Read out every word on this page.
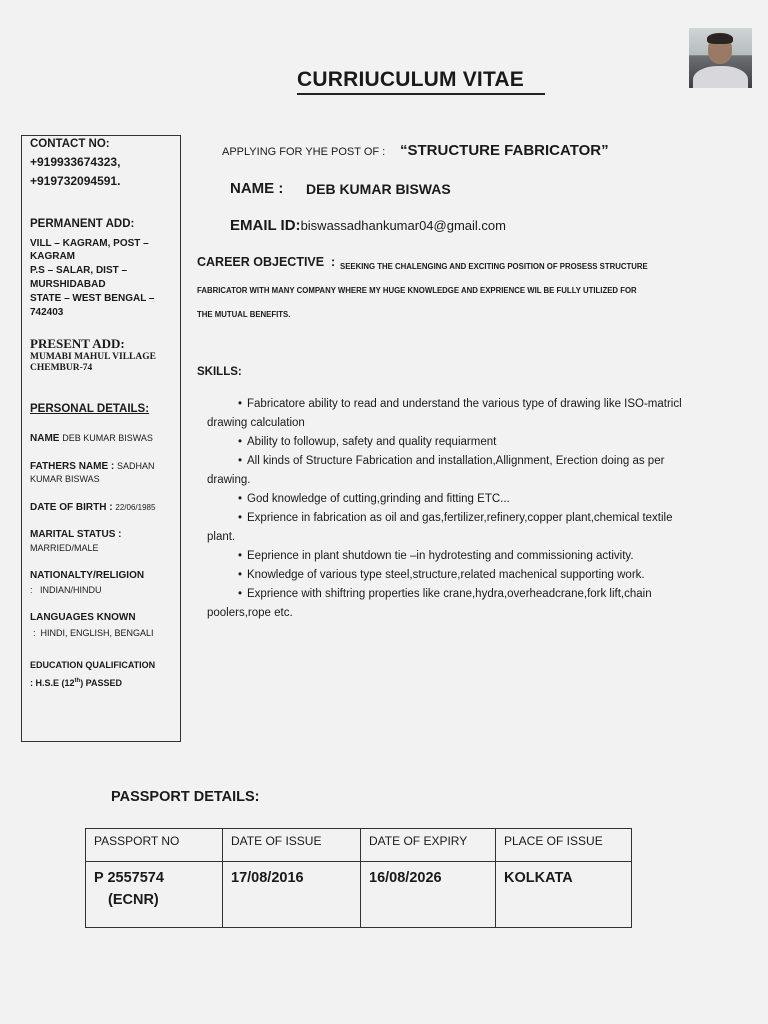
CURRIUCULUM VITAE
CONTACT NO:
+919933674323,
+919732094591.
PERMANENT ADD:
VILL – KAGRAM, POST –
KAGRAM
P.S – SALAR, DIST –
MURSHIDABAD
STATE – WEST BENGAL –
742403
PRESENT ADD:
MUMABI MAHUL VILLAGE
CHEMBUR-74
PERSONAL DETAILS:
NAME DEB KUMAR BISWAS
FATHERS NAME : SADHAN
KUMAR BISWAS
DATE OF BIRTH : 22/06/1985
MARITAL STATUS :
MARRIED/MALE
NATIONALTY/RELIGION
:   INDIAN/HINDU
LANGUAGES KNOWN
:  HINDI, ENGLISH, BENGALI
EDUCATION QUALIFICATION
: H.S.E (12th) PASSED
APPLYING FOR YHE POST OF : “STRUCTURE FABRICATOR”
NAME : DEB KUMAR BISWAS
EMAIL ID:biswassadhankumar04@gmail.com
CAREER OBJECTIVE  : SEEKING THE CHALENGING AND EXCITING POSITION OF PROSESS STRUCTURE
FABRICATOR WITH MANY COMPANY WHERE MY HUGE KNOWLEDGE AND EXPRIENCE WIL BE FULLY UTILIZED FOR
THE MUTUAL BENEFITS.
SKILLS:
• Fabricatore ability to read and understand the various type of drawing like ISO-matricl
drawing calculation
• Ability to followup, safety and quality requiarment
• All kinds of Structure Fabrication and installation,Allignment, Erection doing as per
drawing.
• God knowledge of cutting,grinding and fitting ETC...
• Exprience in fabrication as oil and gas,fertilizer,refinery,copper plant,chemical textile
plant.
• Eeprience in plant shutdown tie –in hydrotesting and commissioning activity.
• Knowledge of various type steel,structure,related machenical supporting work.
• Exprience with shiftring properties like crane,hydra,overheadcrane,fork lift,chain
poolers,rope etc.
PASSPORT DETAILS:
PASSPORT NO	DATE OF ISSUE	DATE OF EXPIRY	PLACE OF ISSUE

P 2557574
(ECNR)	17/08/2016	16/08/2026	KOLKATA
